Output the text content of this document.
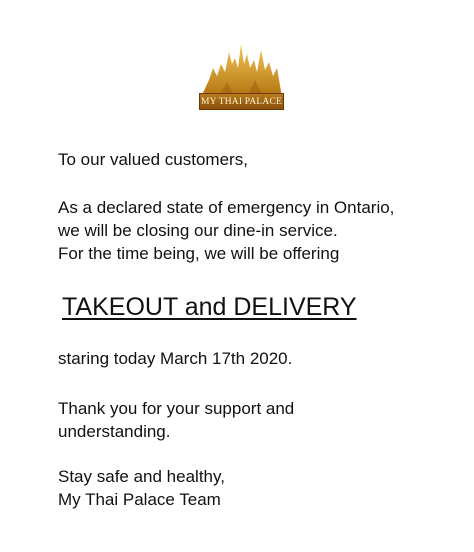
MY THAI PALACE
To our valued customers,
As a declared state of emergency in Ontario,
we will be closing our dine-in service.
For the time being, we will be offering
TAKEOUT and DELIVERY
staring today March 17th 2020.
Thank you for your support and
understanding.
Stay safe and healthy,
My Thai Palace Team
